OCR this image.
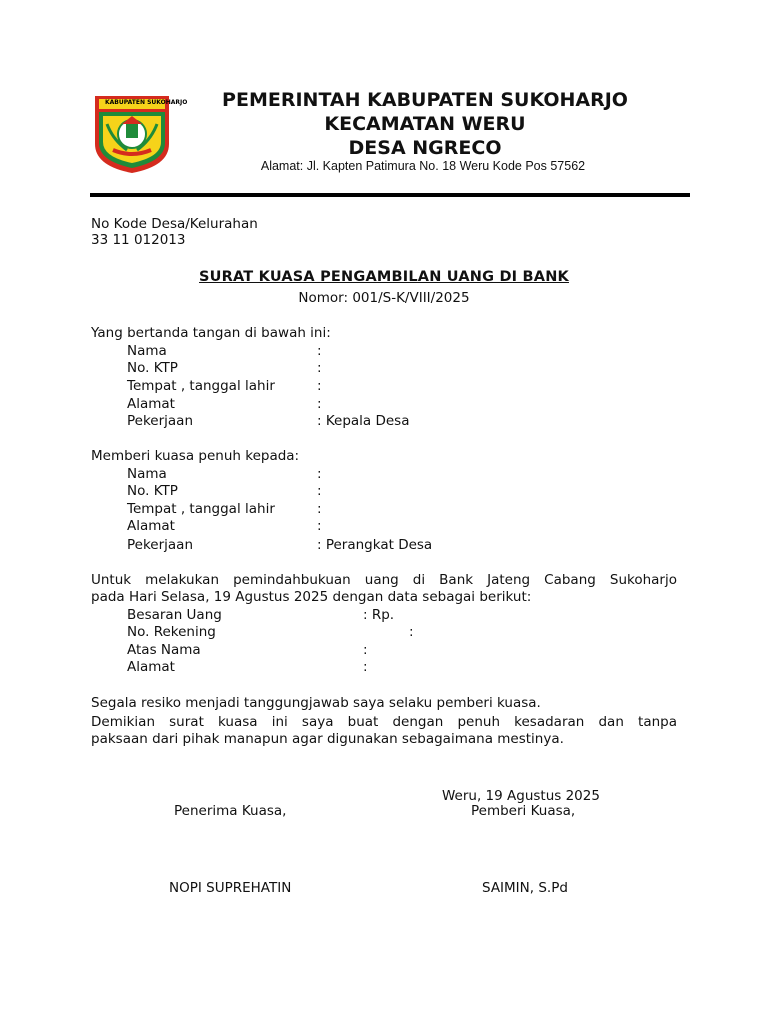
KABUPATEN SUKOHARJO	PEMERINTAH KABUPATEN SUKOHARJO
KECAMATAN WERU
DESA NGRECO
Alamat: Jl. Kapten Patimura No. 18 Weru Kode Pos 57562
No Kode Desa/Kelurahan
33 11 012013
SURAT KUASA PENGAMBILAN UANG DI BANK
Nomor: 001/S-K/VIII/2025
Yang bertanda tangan di bawah ini:
Nama	:
No. KTP	:
Tempat , tanggal lahir	:
Alamat	:
Pekerjaan	: Kepala Desa
Memberi kuasa penuh kepada:
Nama	:
No. KTP	:
Tempat , tanggal lahir	:
Alamat	:
Pekerjaan	: Perangkat Desa
Untuk melakukan pemindahbukuan uang di Bank Jateng Cabang Sukoharjo
pada Hari Selasa, 19 Agustus 2025 dengan data sebagai berikut:
Besaran Uang	: Rp.
No. Rekening	:
Atas Nama	:
Alamat	:
Segala resiko menjadi tanggungjawab saya selaku pemberi kuasa.
Demikian surat kuasa ini saya buat dengan penuh kesadaran dan tanpa
paksaan dari pihak manapun agar digunakan sebagaimana mestinya.
Weru, 19 Agustus 2025
Penerima Kuasa,	Pemberi Kuasa,
NOPI SUPREHATIN	SAIMIN, S.Pd
